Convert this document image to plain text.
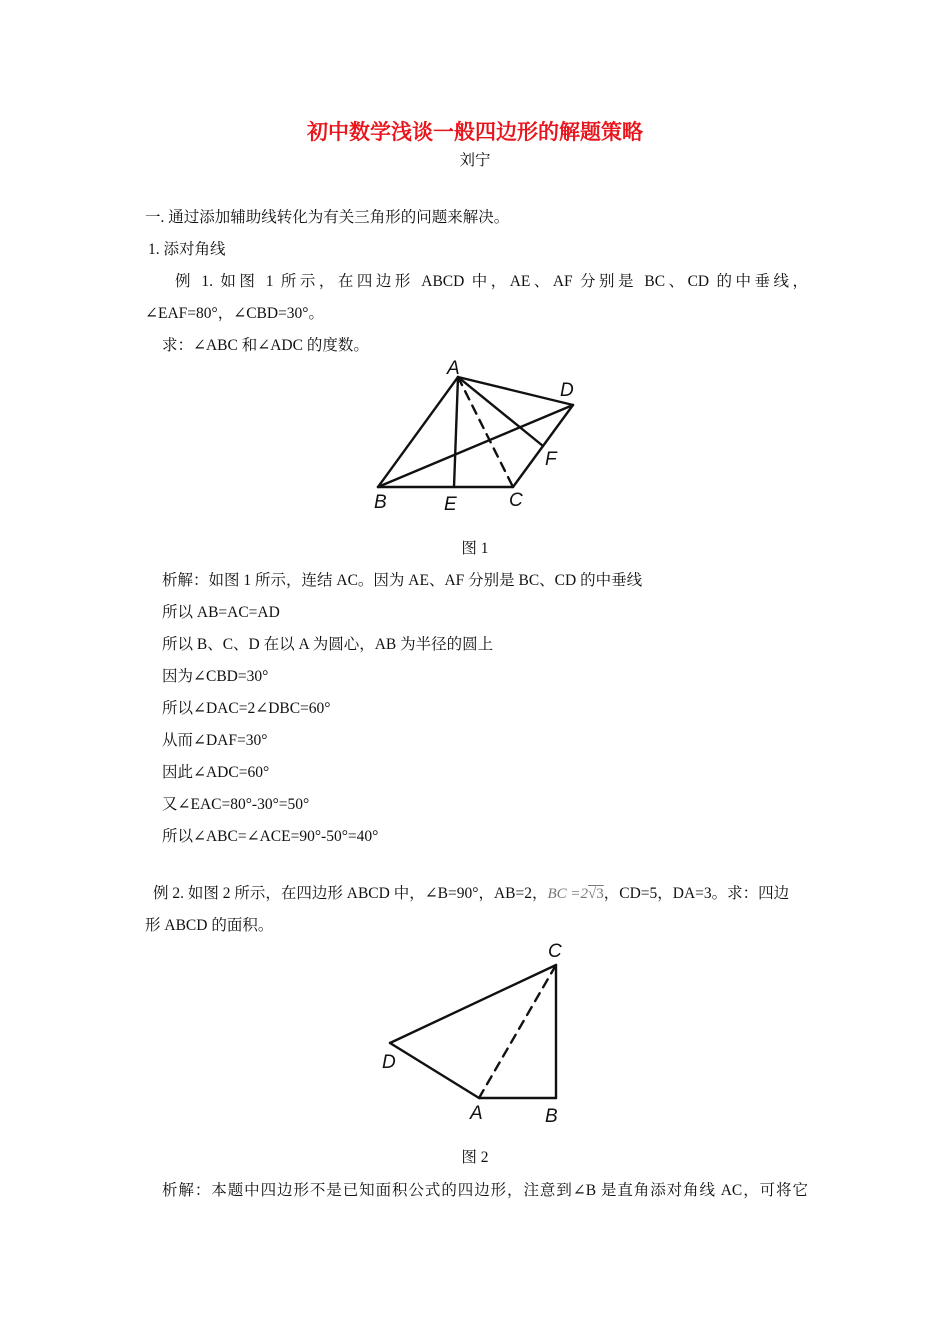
初中数学浅谈一般四边形的解题策略
刘宁
一. 通过添加辅助线转化为有关三角形的问题来解决。
1. 添对角线
例 1. 如图 1 所示，在四边形 ABCD 中，AE、AF 分别是 BC、CD 的中垂线，
∠EAF=80°，∠CBD=30°。
求：∠ABC 和∠ADC 的度数。
A
D
F
B	E	C
图 1
析解：如图 1 所示，连结 AC。因为 AE、AF 分别是 BC、CD 的中垂线
所以 AB=AC=AD
所以 B、C、D 在以 A 为圆心，AB 为半径的圆上
因为∠CBD=30°
所以∠DAC=2∠DBC=60°
从而∠DAF=30°
因此∠ADC=60°
又∠EAC=80°-30°=50°
所以∠ABC=∠ACE=90°-50°=40°
例 2. 如图 2 所示，在四边形 ABCD 中，∠B=90°，AB=2，BC =2√3，CD=5，DA=3。求：四边
形 ABCD 的面积。
C
D
A	B
图 2
析解：本题中四边形不是已知面积公式的四边形，注意到∠B 是直角添对角线 AC，可将它
